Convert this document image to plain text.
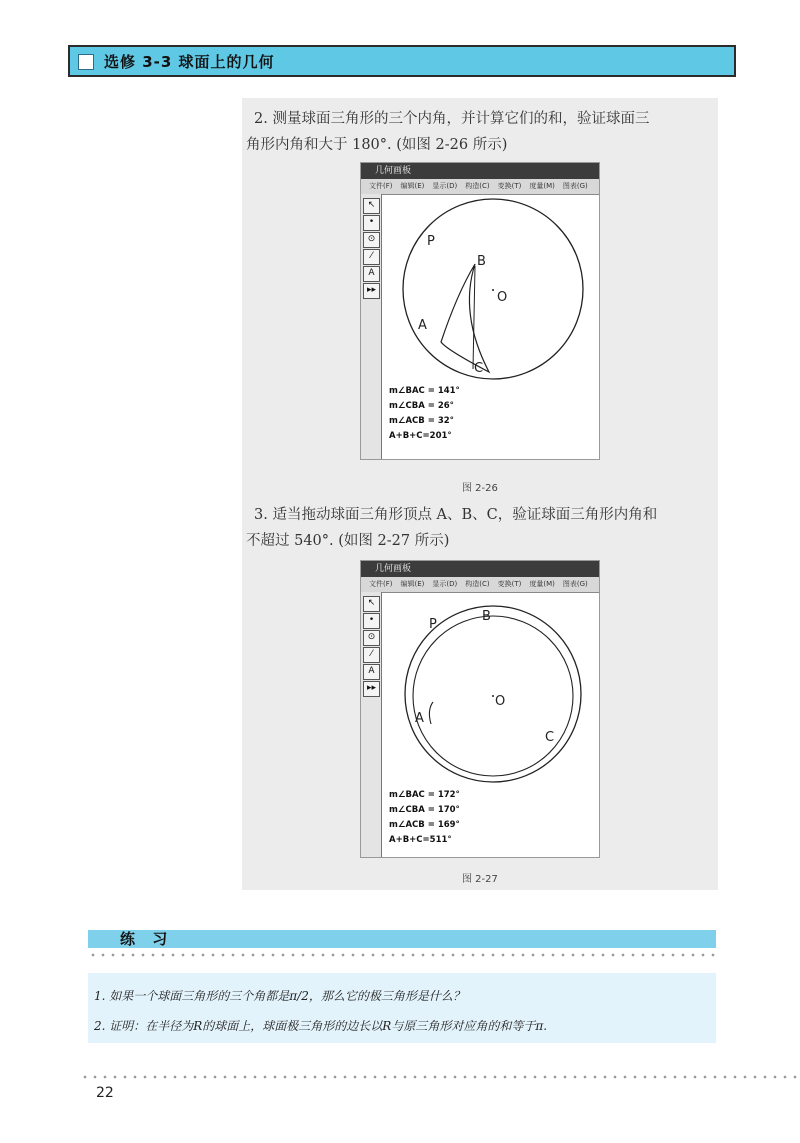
选修 3-3 球面上的几何
2. 测量球面三角形的三个内角，并计算它们的和，验证球面三
角形内角和大于 180°. (如图 2-26 所示)
几何画板
文件(F) 编辑(E) 显示(D) 构造(C) 变换(T) 度量(M) 图表(G)
↖
•
⊙
⁄
A
▸▸
P
B
O
A
C
m∠BAC = 141°
m∠CBA = 26°
m∠ACB = 32°
A+B+C=201°
图 2-26
3. 适当拖动球面三角形顶点 A、B、C，验证球面三角形内角和
不超过 540°. (如图 2-27 所示)
几何画板
文件(F) 编辑(E) 显示(D) 构造(C) 变换(T) 度量(M) 图表(G)
↖
•
⊙
⁄
A
▸▸
P
B
O
A
C
m∠BAC = 172°
m∠CBA = 170°
m∠ACB = 169°
A+B+C=511°
图 2-27
练 习
1. 如果一个球面三角形的三个角都是π/2，那么它的极三角形是什么？
2. 证明：在半径为R的球面上，球面极三角形的边长以R与原三角形对应角的和等于π.
22
